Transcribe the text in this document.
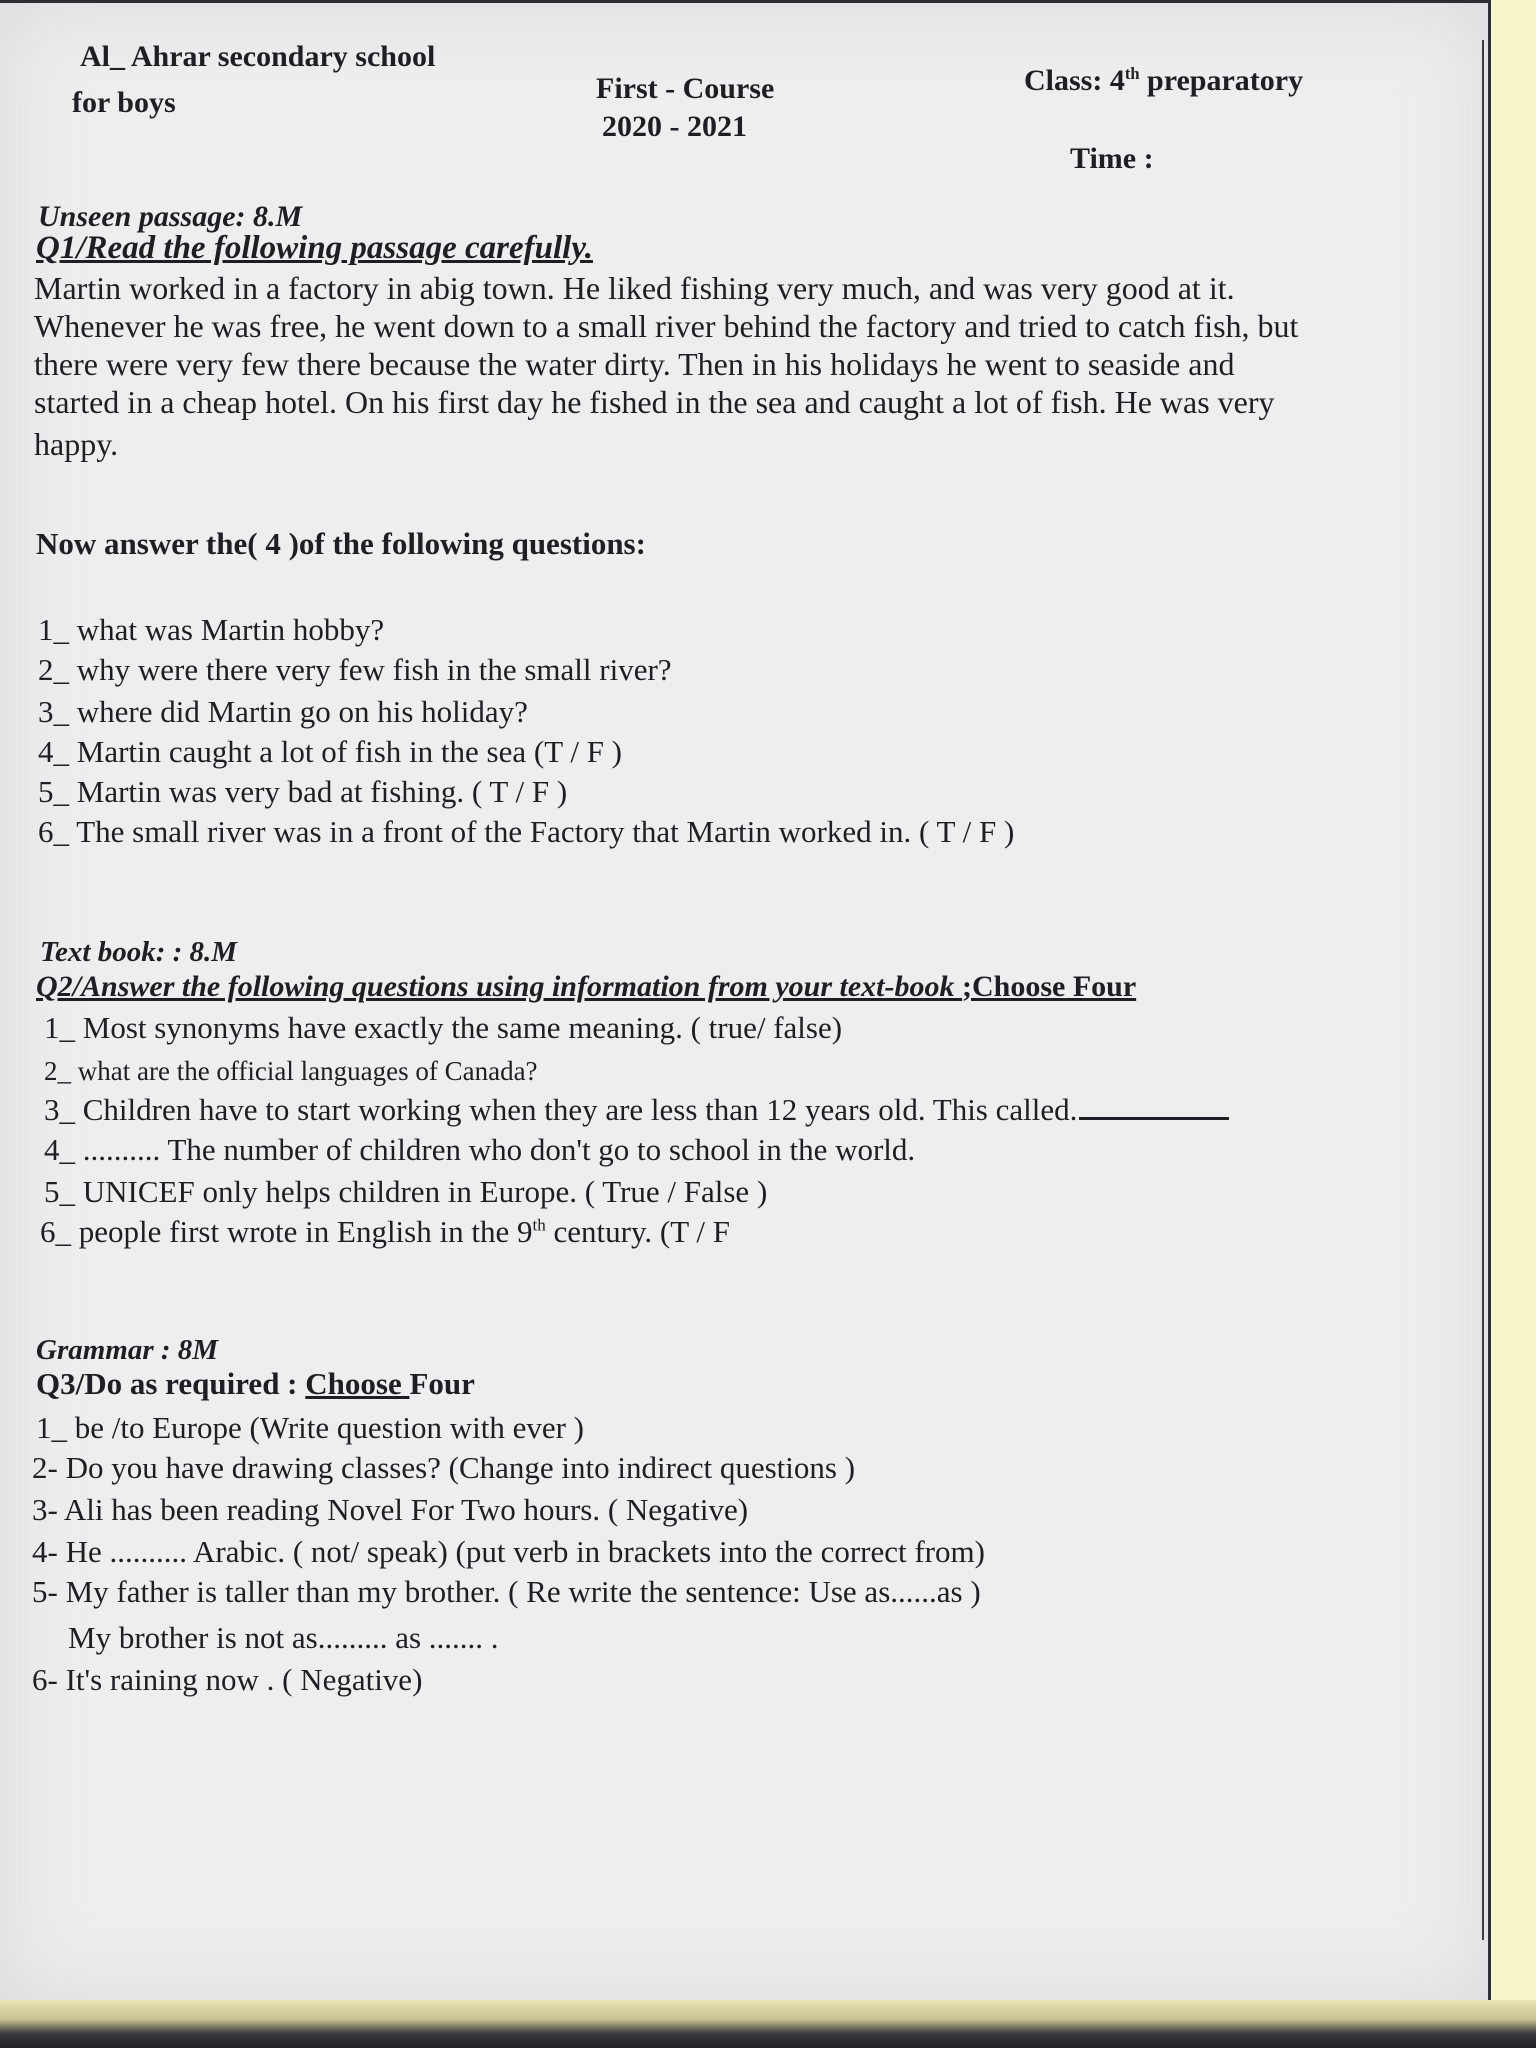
Al_ Ahrar secondary school
for boys	First - Course
2020 - 2021
Class: 4th preparatory
Time :
Unseen passage: 8.M
Q1/Read the following passage carefully.
Martin worked in a factory in abig town. He liked fishing very much, and was very good at it.
Whenever he was free, he went down to a small river behind the factory and tried to catch fish, but
there were very few there because the water dirty. Then in his holidays he went to seaside and
started in a cheap hotel. On his first day he fished in the sea and caught a lot of fish. He was very
happy.
Now answer the( 4 )of the following questions:
1_ what was Martin hobby?
2_ why were there very few fish in the small river?
3_ where did Martin go on his holiday?
4_ Martin caught a lot of fish in the sea (T / F )
5_ Martin was very bad at fishing. ( T / F )
6_ The small river was in a front of the Factory that Martin worked in. ( T / F )
Text book: : 8.M
Q2/Answer the following questions using information from your text-book ;Choose Four
1_ Most synonyms have exactly the same meaning. ( true/ false)
2_ what are the official languages of Canada?
3_ Children have to start working when they are less than 12 years old. This called.
4_ .......... The number of children who don't go to school in the world.
5_ UNICEF only helps children in Europe. ( True / False )
6_ people first wrote in English in the 9th century. (T / F
Grammar : 8M
Q3/Do as required : Choose Four
1_ be /to Europe (Write question with ever )
2- Do you have drawing classes? (Change into indirect questions )
3- Ali has been reading Novel For Two hours. ( Negative)
4- He .......... Arabic. ( not/ speak) (put verb in brackets into the correct from)
5- My father is taller than my brother. ( Re write the sentence: Use as......as )
My brother is not as......... as ....... .
6- It's raining now . ( Negative)
